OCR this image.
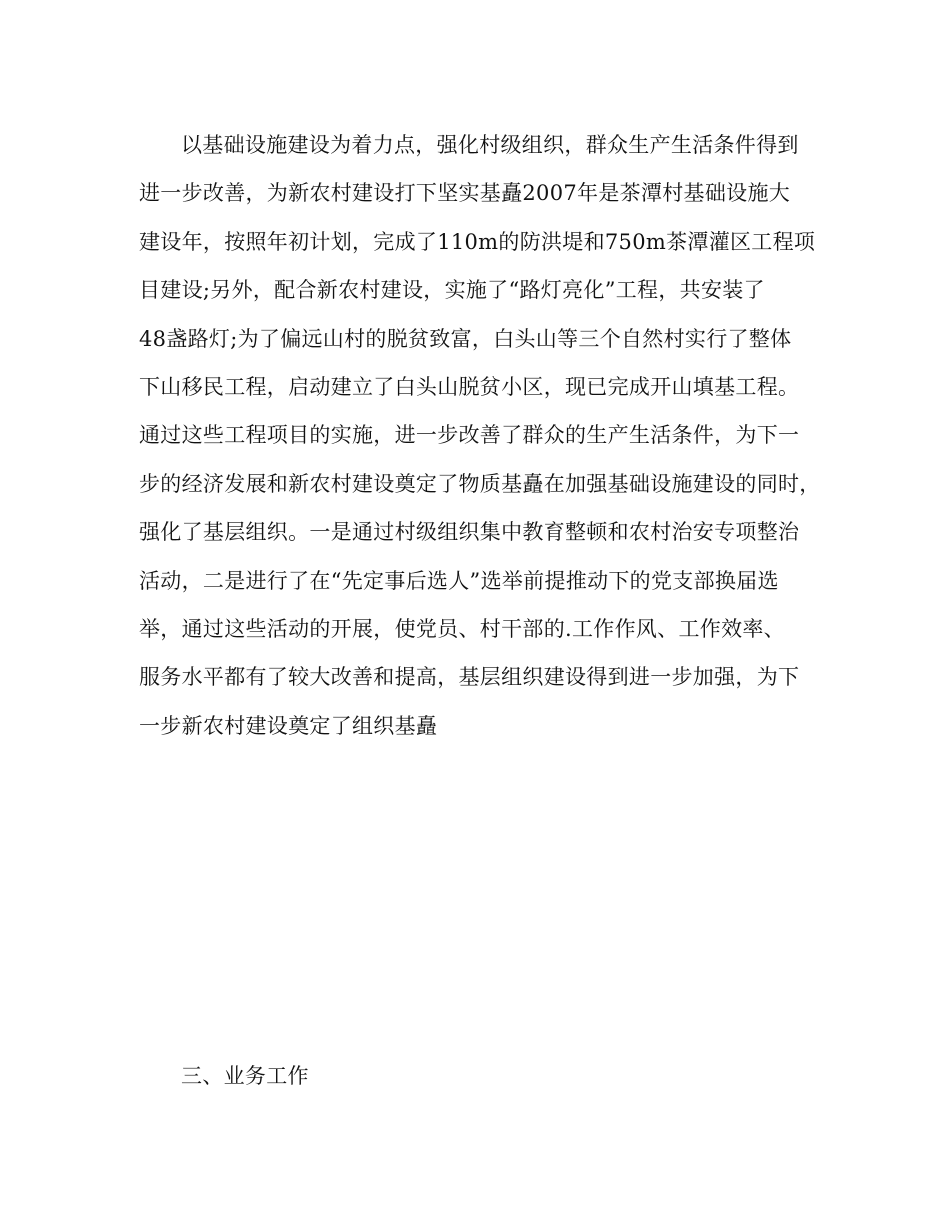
以基础设施建设为着力点，强化村级组织，群众生产生活条件得到
进一步改善，为新农村建设打下坚实基矗2007年是茶潭村基础设施大
建设年，按照年初计划，完成了110m的防洪堤和750m茶潭灌区工程项
目建设;另外，配合新农村建设，实施了“路灯亮化”工程，共安装了
48盏路灯;为了偏远山村的脱贫致富，白头山等三个自然村实行了整体
下山移民工程，启动建立了白头山脱贫小区，现已完成开山填基工程。
通过这些工程项目的实施，进一步改善了群众的生产生活条件，为下一
步的经济发展和新农村建设奠定了物质基矗在加强基础设施建设的同时，
强化了基层组织。一是通过村级组织集中教育整顿和农村治安专项整治
活动，二是进行了在“先定事后选人”选举前提推动下的党支部换届选
举，通过这些活动的开展，使党员、村干部的.工作作风、工作效率、
服务水平都有了较大改善和提高，基层组织建设得到进一步加强，为下
一步新农村建设奠定了组织基矗
三、业务工作
